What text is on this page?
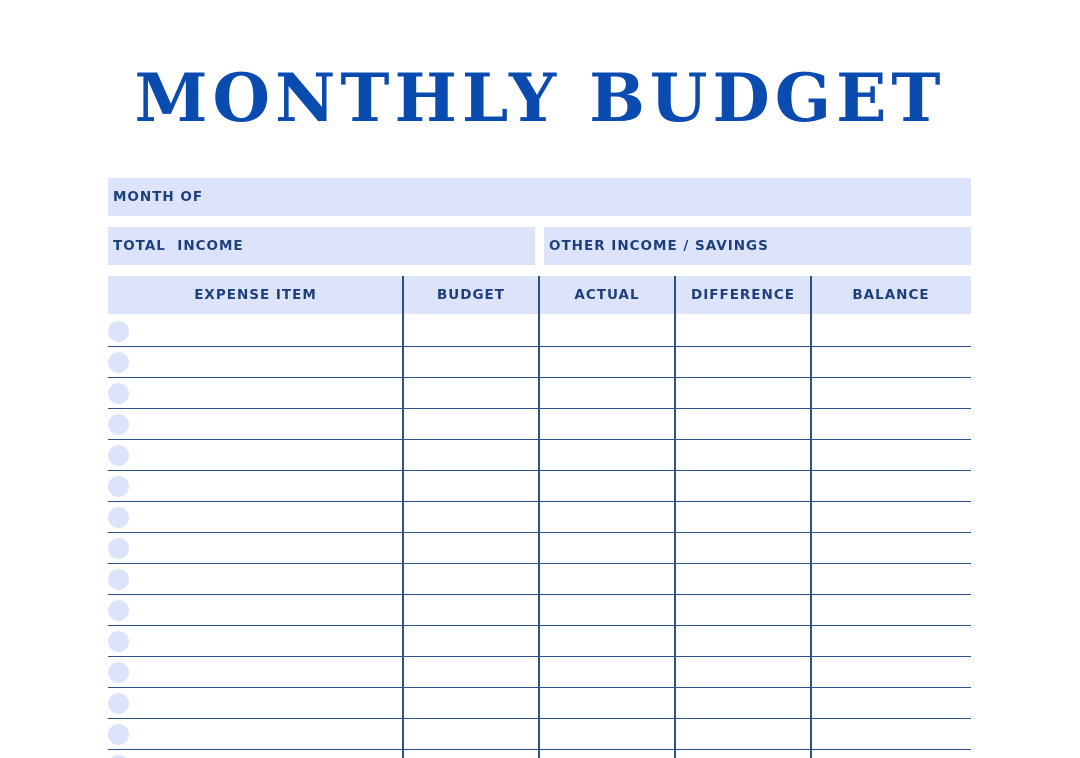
MONTHLY BUDGET
MONTH OF
TOTAL  INCOME	OTHER INCOME / SAVINGS
EXPENSE ITEM	BUDGET	ACTUAL	DIFFERENCE	BALANCE
